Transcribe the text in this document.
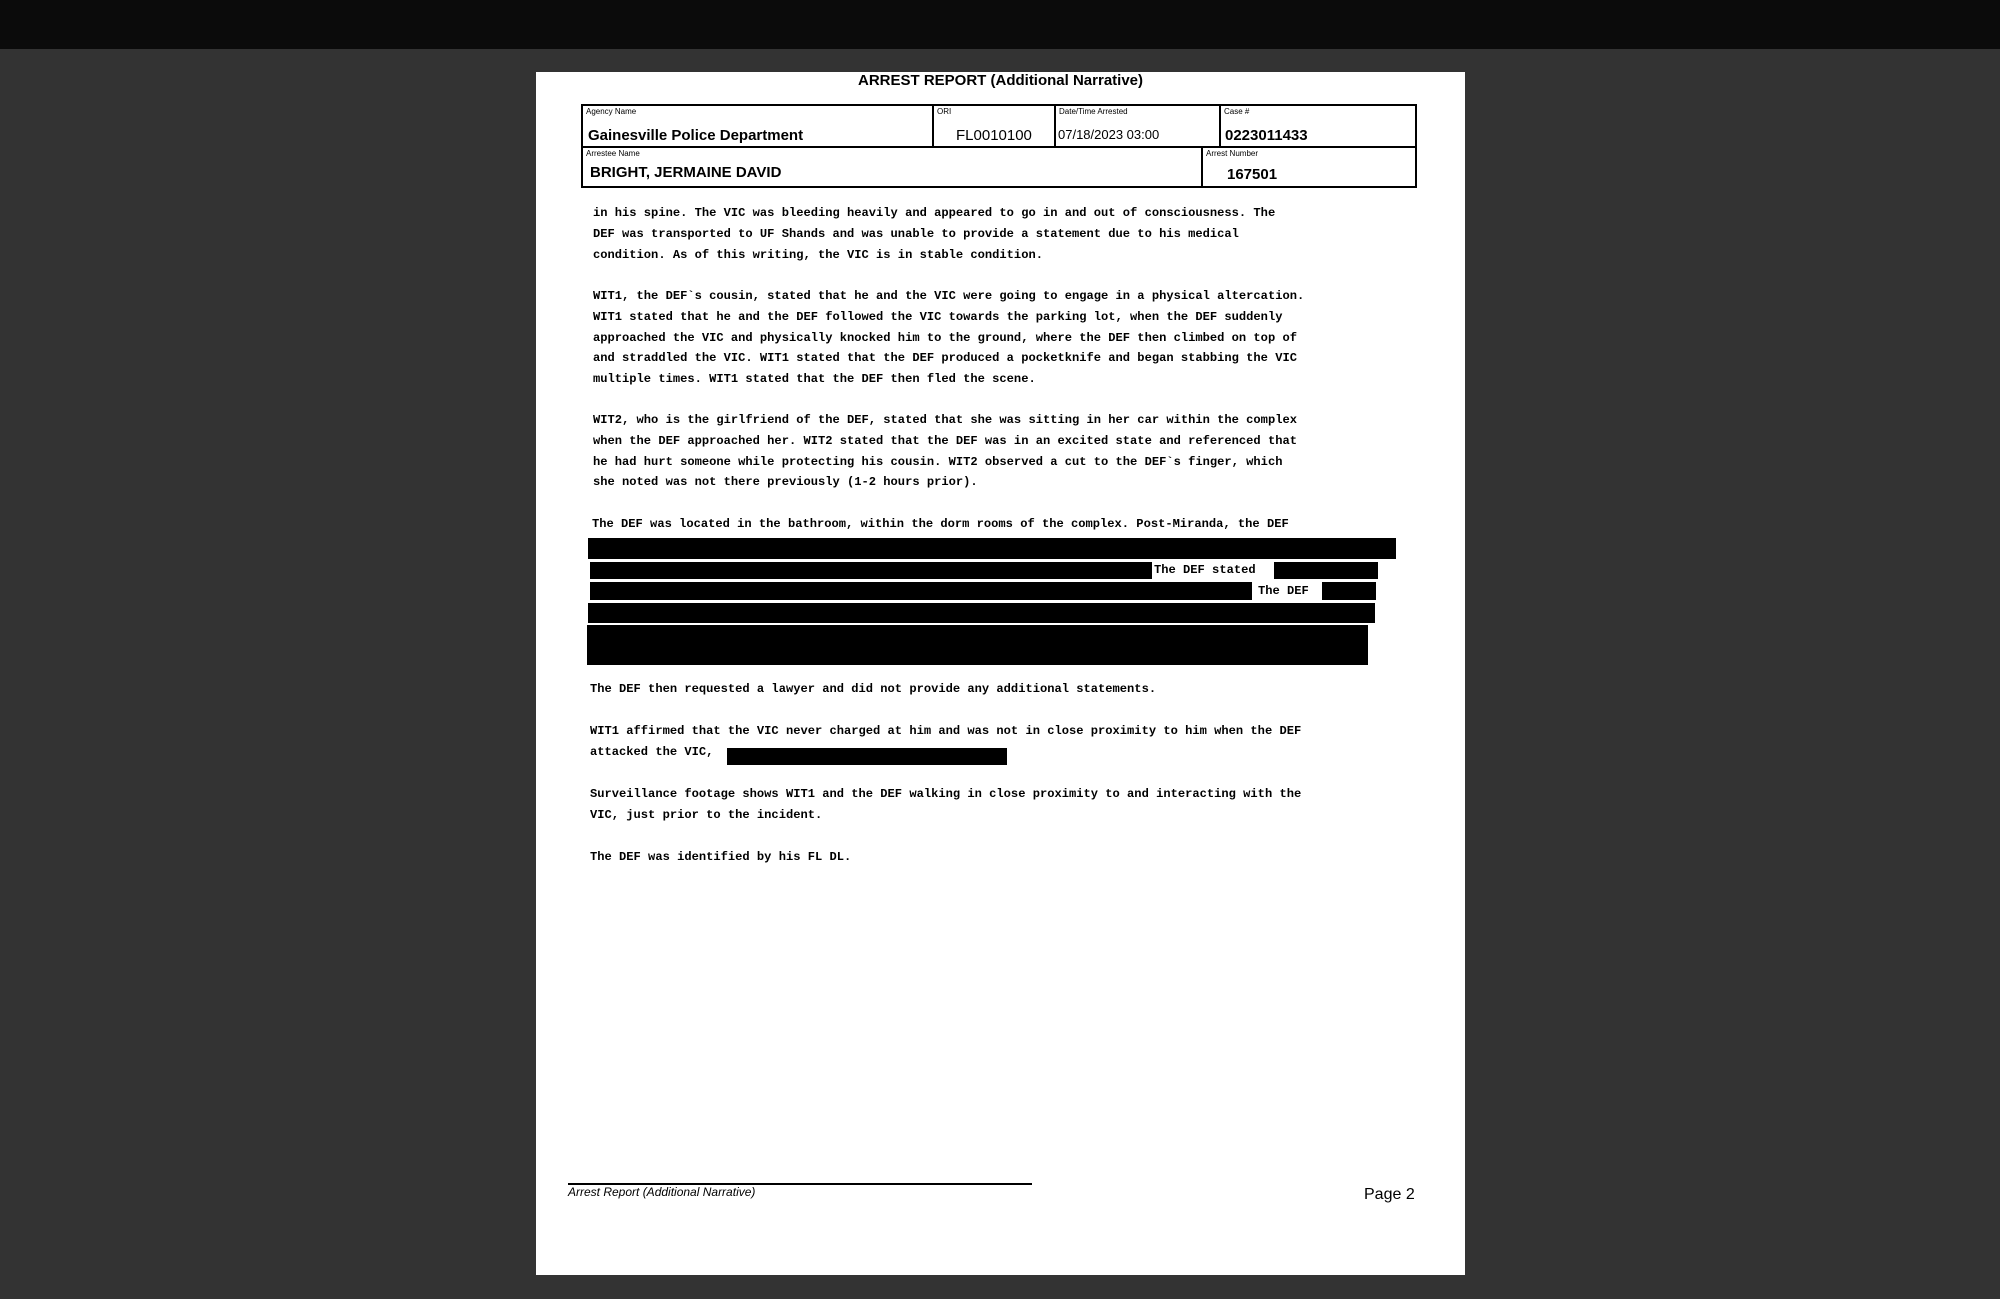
ARREST REPORT (Additional Narrative)
Agency Name
Gainesville Police Department
ORI
FL0010100
Date/Time Arrested
07/18/2023 03:00
Case #
0223011433
Arrestee Name
BRIGHT, JERMAINE DAVID
Arrest Number
167501

in his spine. The VIC was bleeding heavily and appeared to go in and out of consciousness. The

DEF was transported to UF Shands and was unable to provide a statement due to his medical

condition. As of this writing, the VIC is in stable condition.

WIT1, the DEF`s cousin, stated that he and the VIC were going to engage in a physical altercation.

WIT1 stated that he and the DEF followed the VIC towards the parking lot, when the DEF suddenly

approached the VIC and physically knocked him to the ground, where the DEF then climbed on top of

and straddled the VIC. WIT1 stated that the DEF produced a pocketknife and began stabbing the VIC

multiple times. WIT1 stated that the DEF then fled the scene.

WIT2, who is the girlfriend of the DEF, stated that she was sitting in her car within the complex

when the DEF approached her. WIT2 stated that the DEF was in an excited state and referenced that

he had hurt someone while protecting his cousin. WIT2 observed a cut to the DEF`s finger, which

she noted was not there previously (1-2 hours prior).

The DEF was located in the bathroom, within the dorm rooms of the complex. Post-Miranda, the DEF

The DEF stated
The DEF

The DEF then requested a lawyer and did not provide any additional statements.

WIT1 affirmed that the VIC never charged at him and was not in close proximity to him when the DEF

attacked the VIC,

Surveillance footage shows WIT1 and the DEF walking in close proximity to and interacting with the

VIC, just prior to the incident.

The DEF was identified by his FL DL.

Arrest Report (Additional Narrative)	Page 2
